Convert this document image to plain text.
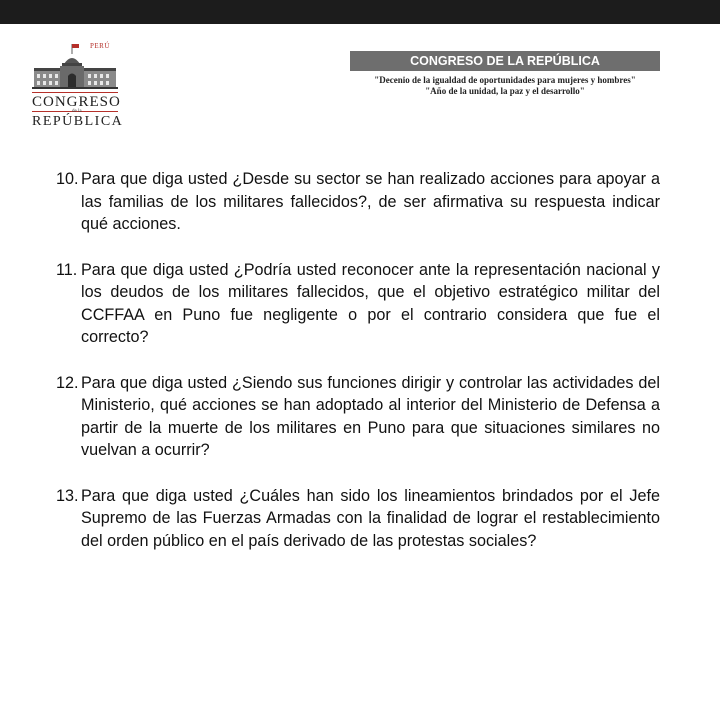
PERÚ
CONGRESO
de la
REPÚBLICA
CONGRESO DE LA REPÚBLICA
"Decenio de la igualdad de oportunidades para mujeres y hombres"
"Año de la unidad, la paz y el desarrollo"
10. Para que diga usted ¿Desde su sector se han realizado acciones para apoyar a las familias de los militares fallecidos?, de ser afirmativa su respuesta indicar qué acciones.
11. Para que diga usted ¿Podría usted reconocer ante la representación nacional y los deudos de los militares fallecidos, que el objetivo estratégico militar del CCFFAA en Puno fue negligente o por el contrario considera que fue el correcto?
12. Para que diga usted ¿Siendo sus funciones dirigir y controlar las actividades del Ministerio, qué acciones se han adoptado al interior del Ministerio de Defensa a partir de la muerte de los militares en Puno para que situaciones similares no vuelvan a ocurrir?
13. Para que diga usted ¿Cuáles han sido los lineamientos brindados por el Jefe Supremo de las Fuerzas Armadas con la finalidad de lograr el restablecimiento del orden público en el país derivado de las protestas sociales?
